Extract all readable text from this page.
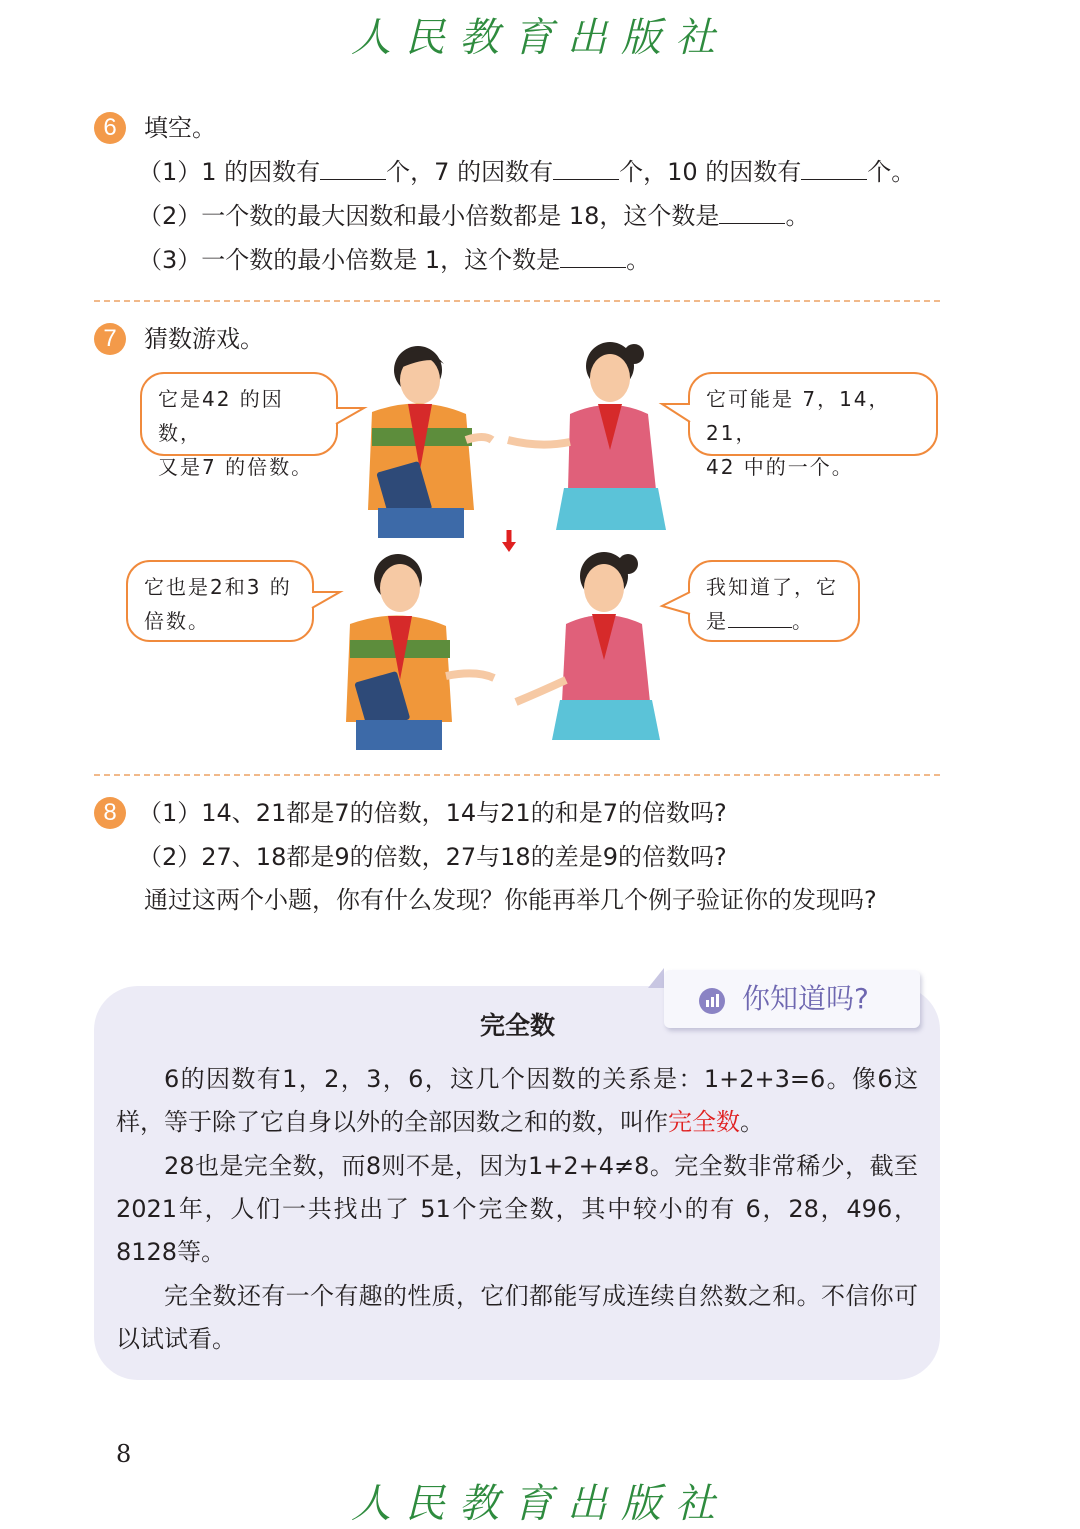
人民教育出版社
6	填空。
（1）1 的因数有	个，7 的因数有	个，10 的因数有	个。
（2）一个数的最大因数和最小倍数都是 18，这个数是	。
（3）一个数的最小倍数是 1，这个数是	。
7	猜数游戏。
它是42 的因数，
又是7 的倍数。
它可能是 7，14，21，
42 中的一个。
它也是2和3 的
倍数。
我知道了，它
是	。
8 （1）14、21都是7的倍数，14与21的和是7的倍数吗?
（2）27、18都是9的倍数，27与18的差是9的倍数吗?
通过这两个小题，你有什么发现？你能再举几个例子验证你的发现吗?
你知道吗?
完全数
6的因数有1，2，3，6，这几个因数的关系是：1+2+3=6。像6这样，等于除了它自身以外的全部因数之和的数，叫作完全数。
28也是完全数，而8则不是，因为1+2+4≠8。完全数非常稀少，截至 2021年，人们一共找出了 51个完全数，其中较小的有 6，28，496，8128等。
完全数还有一个有趣的性质，它们都能写成连续自然数之和。不信你可以试试看。
8
人民教育出版社
